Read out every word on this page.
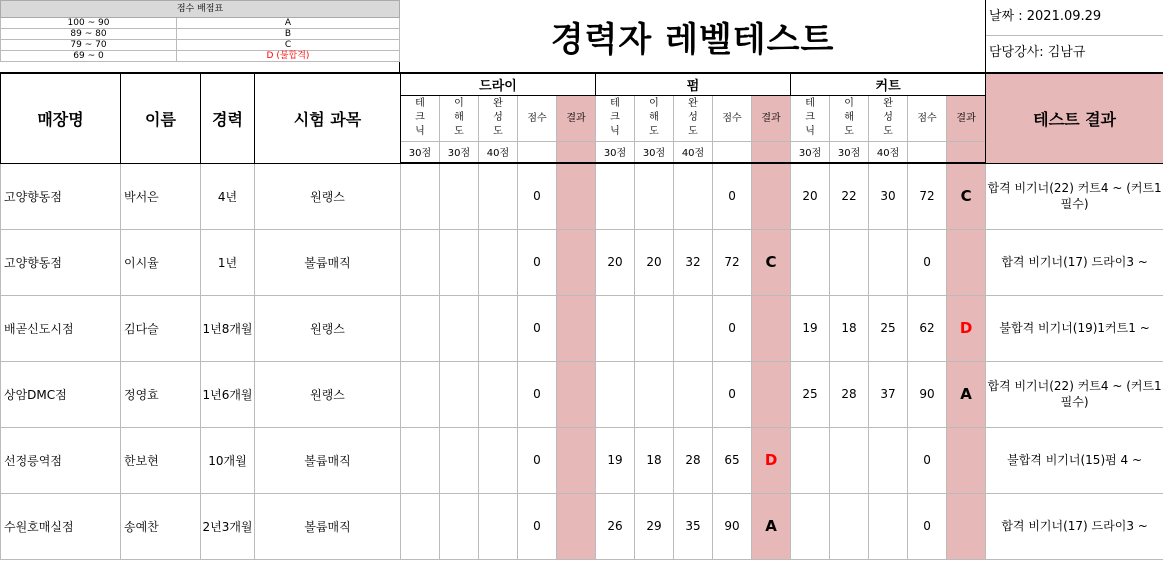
점수 배점표	
100 ~ 90	A
89 ~ 80	B
79 ~ 70	C
69 ~ 0	D (불합격)	경력자 레벨테스트
날짜 : 2021.09.29
담당강사: 김남규
매장명	이름	경력	시험 과목	드라이					펌					커트					테스트 결과
				테크닉	이해도	완성도	점수	결과	테크닉	이해도	완성도	점수	결과	테크닉	이해도	완성도	점수	결과	
				30점	30점	40점			30점	30점	40점			30점	30점	40점			
고양향동점	박서은	4년	원랭스				0					0		20	22	30	72	C	합격 비기너(22) 커트4 ~ (커트1 필수)
고양향동점	이시율	1년	볼륨매직				0		20	20	32	72	C				0		합격 비기너(17) 드라이3 ~
배곧신도시점	김다슬	1년8개월	원랭스				0					0		19	18	25	62	D	불합격 비기너(19)1커트1 ~
상암DMC점	정영효	1년6개월	원랭스				0					0		25	28	37	90	A	합격 비기너(22) 커트4 ~ (커트1 필수)
선정릉역점	한보현	10개월	볼륨매직				0		19	18	28	65	D				0		불합격 비기너(15)펌 4 ~
수원호매실점	송예찬	2년3개월	볼륨매직				0		26	29	35	90	A				0		합격 비기너(17) 드라이3 ~
